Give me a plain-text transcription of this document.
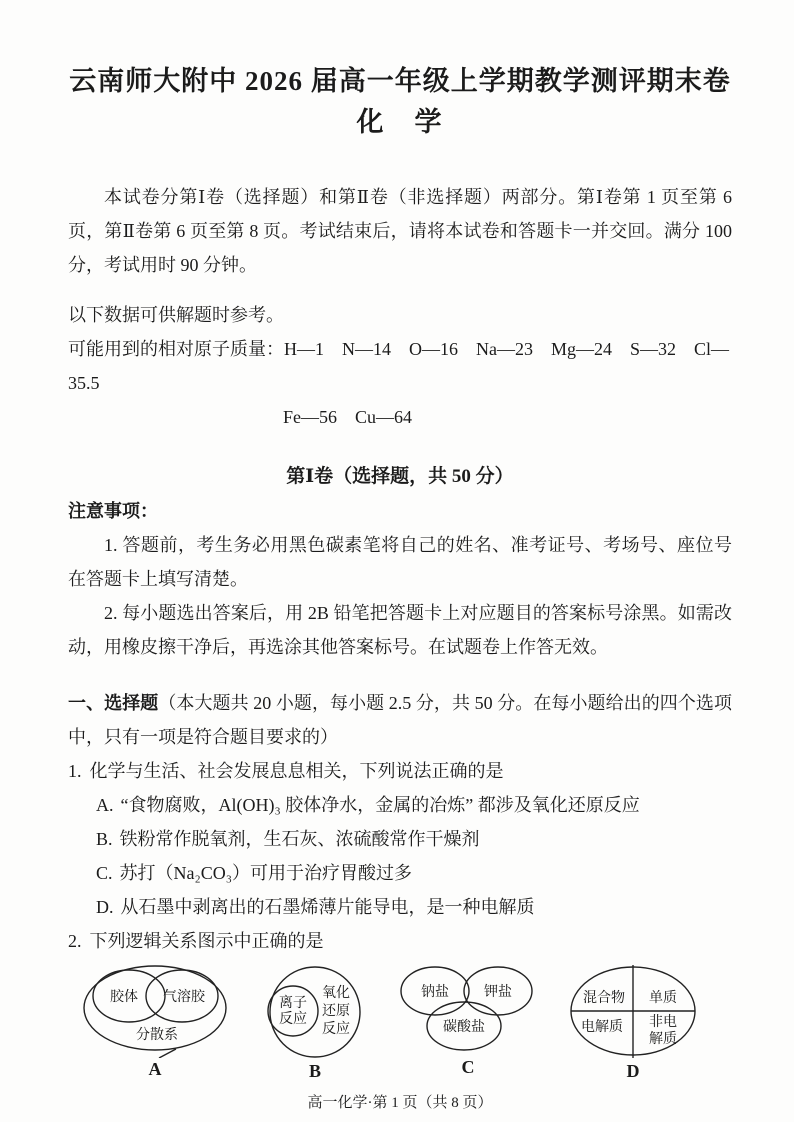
云南师大附中 2026 届高一年级上学期教学测评期末卷
化　学

本试卷分第Ⅰ卷（选择题）和第Ⅱ卷（非选择题）两部分。第Ⅰ卷第 1 页至第 6 页，第Ⅱ卷第 6 页至第 8 页。考试结束后，请将本试卷和答题卡一并交回。满分 100 分，考试用时 90 分钟。

以下数据可供解题时参考。

可能用到的相对原子质量：H—1　N—14　O—16　Na—23　Mg—24　S—32　Cl—35.5

Fe—56　Cu—64

第Ⅰ卷（选择题，共 50 分）

注意事项：

1. 答题前，考生务必用黑色碳素笔将自己的姓名、准考证号、考场号、座位号在答题卡上填写清楚。

2. 每小题选出答案后，用 2B 铅笔把答题卡上对应题目的答案标号涂黑。如需改动，用橡皮擦干净后，再选涂其他答案标号。在试题卷上作答无效。

一、选择题（本大题共 20 小题，每小题 2.5 分，共 50 分。在每小题给出的四个选项中，只有一项是符合题目要求的）

1. 化学与生活、社会发展息息相关，下列说法正确的是

A. “食物腐败，Al(OH)₃ 胶体净水，金属的冶炼” 都涉及氧化还原反应

B. 铁粉常作脱氧剂，生石灰、浓硫酸常作干燥剂

C. 苏打（Na₂CO₃）可用于治疗胃酸过多

D. 从石墨中剥离出的石墨烯薄片能导电，是一种电解质

2. 下列逻辑关系图示中正确的是

胶体 气溶胶
分散系
A
离子
反应
氧化
还原
反应
B
钠盐	钾盐
碳酸盐
C
混合物 单质
电解质 非电
解质
D

高一化学·第 1 页（共 8 页）
